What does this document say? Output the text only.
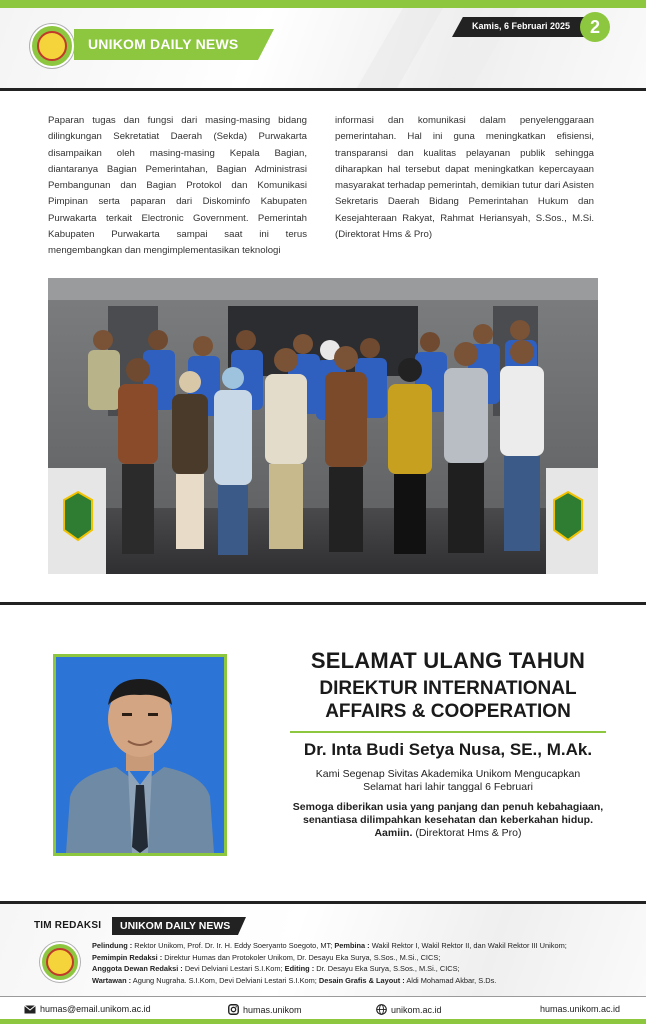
UNIKOM DAILY NEWS
Kamis, 6 Februari 2025	2
Paparan tugas dan fungsi dari masing-masing bidang dilingkungan Sekretatiat Daerah (Sekda) Purwakarta disampaikan oleh masing-masing Kepala Bagian, diantaranya Bagian Pemerintahan, Bagian Administrasi Pembangunan dan Bagian Protokol dan Komunikasi Pimpinan serta paparan dari Diskominfo Kabupaten Purwakarta terkait Electronic Government. Pemerintah Kabupaten Purwakarta sampai saat ini terus mengembangkan dan mengimplementasikan teknologi
informasi dan komunikasi dalam penyelenggaraan pemerintahan. Hal ini guna meningkatkan efisiensi, transparansi dan kualitas pelayanan publik sehingga diharapkan hal tersebut dapat meningkatkan kepercayaan masyarakat terhadap pemerintah, demikian tutur dari Asisten Sekretaris Daerah Bidang Pemerintahan Hukum dan Kesejahteraan Rakyat, Rahmat Heriansyah, S.Sos., M.Si. (Direktorat Hms & Pro)
SELAMAT ULANG TAHUN
DIREKTUR INTERNATIONAL
AFFAIRS & COOPERATION
Dr. Inta Budi Setya Nusa, SE., M.Ak.
Kami Segenap Sivitas Akademika Unikom Mengucapkan
Selamat hari lahir tanggal 6 Februari
Semoga diberikan usia yang panjang dan penuh kebahagiaan,
senantiasa dilimpahkan kesehatan dan keberkahan hidup.
Aamiin. (Direktorat Hms & Pro)
TIM REDAKSI UNIKOM DAILY NEWS
Pelindung : Rektor Unikom, Prof. Dr. Ir. H. Eddy Soeryanto Soegoto, MT; Pembina : Wakil Rektor I, Wakil Rektor II, dan Wakil Rektor III Unikom;
Pemimpin Redaksi : Direktur Humas dan Protokoler Unikom, Dr. Desayu Eka Surya, S.Sos., M.Si., CICS;
Anggota Dewan Redaksi : Devi Delviani Lestari S.I.Kom; Editing : Dr. Desayu Eka Surya, S.Sos., M.Si., CICS;
Wartawan : Agung Nugraha. S.I.Kom, Devi Delviani Lestari S.I.Kom; Desain Grafis & Layout : Aldi Mohamad Akbar, S.Ds.
humas@email.unikom.ac.id	humas.unikom	unikom.ac.id	humas.unikom.ac.id
